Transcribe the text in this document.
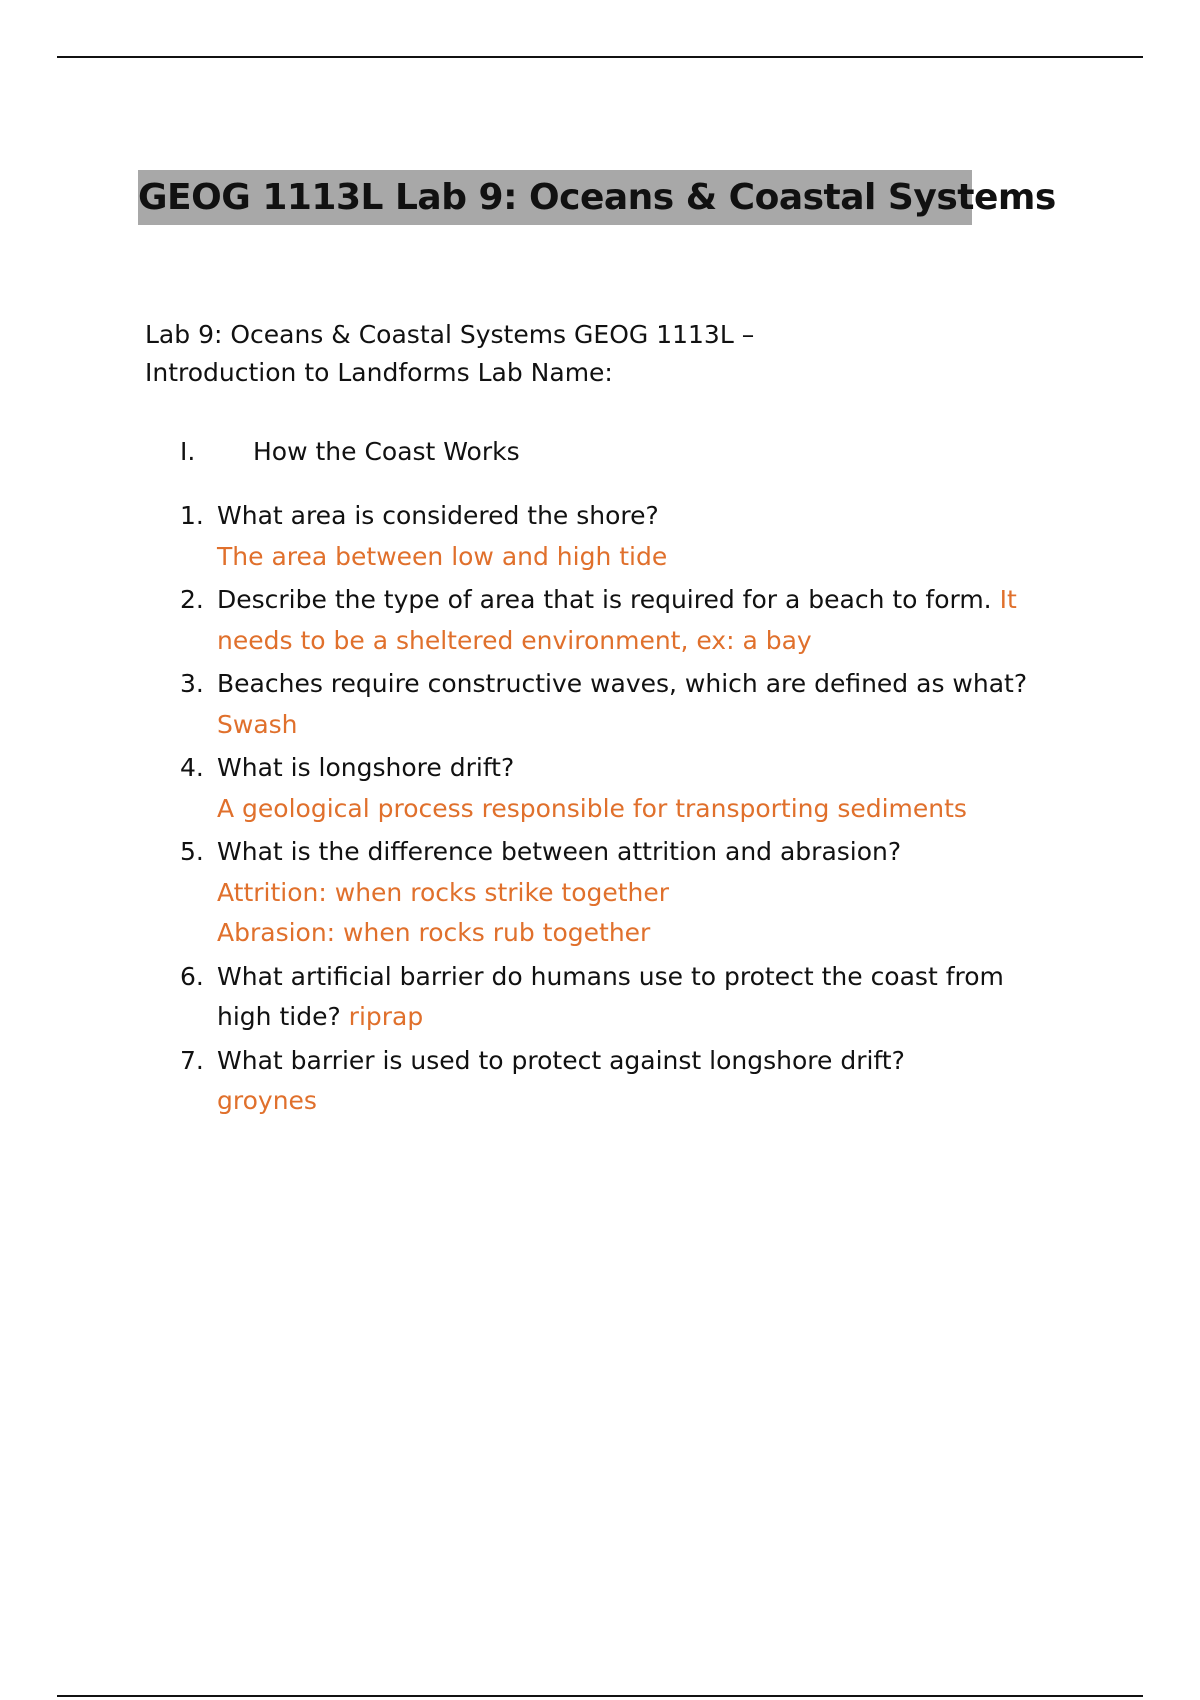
GEOG 1113L Lab 9: Oceans & Coastal Systems
Lab 9: Oceans & Coastal Systems GEOG 1113L –
Introduction to Landforms Lab Name:
I. How the Coast Works
1. What area is considered the shore?
The area between low and high tide
2. Describe the type of area that is required for a beach to form. It
needs to be a sheltered environment, ex: a bay
3. Beaches require constructive waves, which are defined as what?
Swash
4. What is longshore drift?
A geological process responsible for transporting sediments
5. What is the difference between attrition and abrasion?
Attrition: when rocks strike together
Abrasion: when rocks rub together
6. What artificial barrier do humans use to protect the coast from
high tide? riprap
7. What barrier is used to protect against longshore drift?
groynes
